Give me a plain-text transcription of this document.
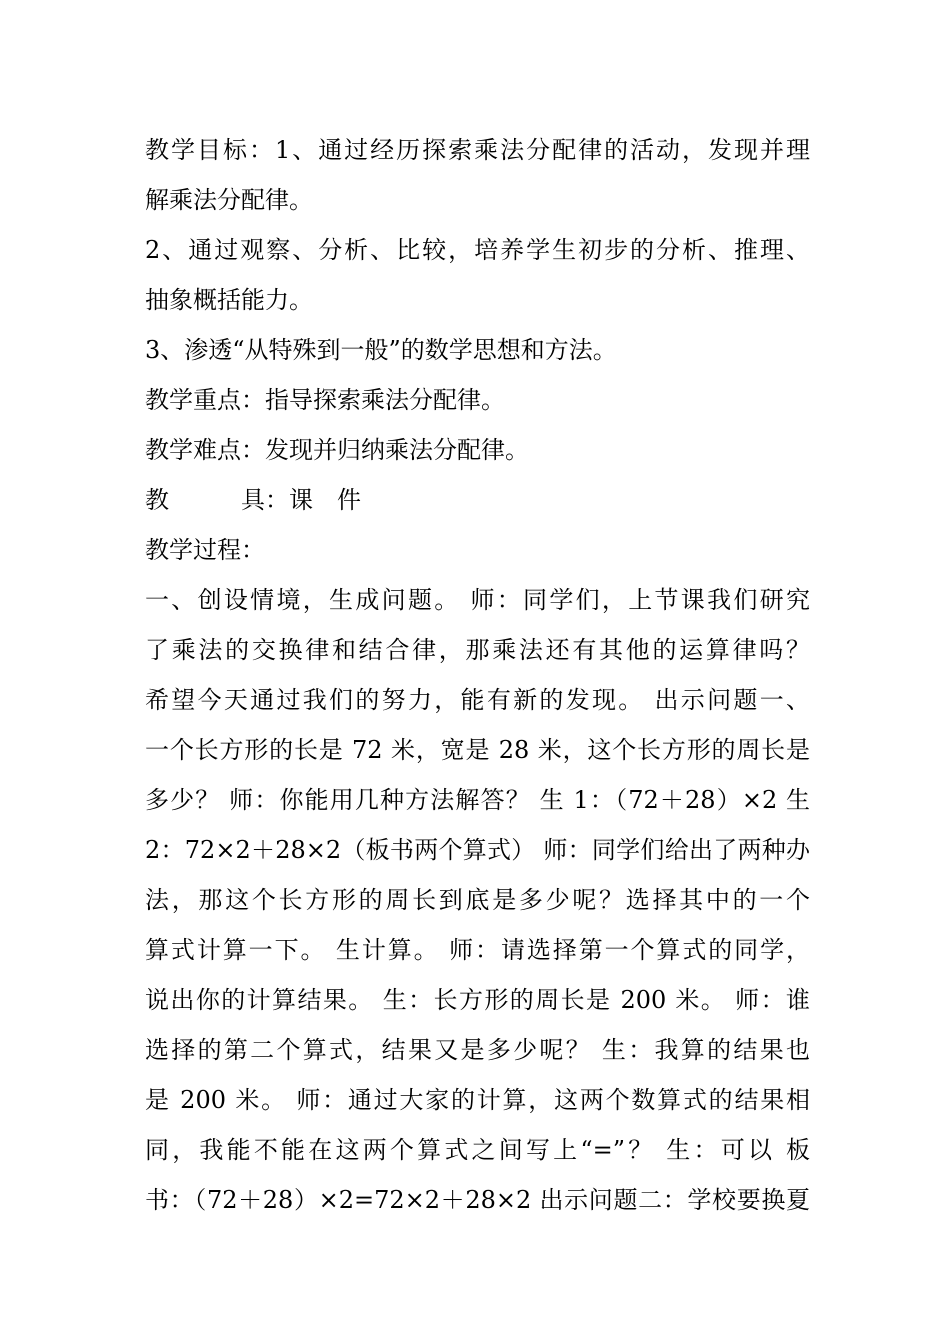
教学目标：1、通过经历探索乘法分配律的活动，发现并理
解乘法分配律。
2、通过观察、分析、比较，培养学生初步的分析、推理、
抽象概括能力。
3、渗透“从特殊到一般”的数学思想和方法。
教学重点：指导探索乘法分配律。
教学难点：发现并归纳乘法分配律。
教　　　具：课　件
教学过程：
一、创设情境，生成问题。 师：同学们，上节课我们研究
了乘法的交换律和结合律，那乘法还有其他的运算律吗？
希望今天通过我们的努力，能有新的发现。 出示问题一、
一个长方形的长是 72 米，宽是 28 米，这个长方形的周长是
多少？ 师：你能用几种方法解答？ 生 1：（72＋28）×2 生
2：72×2＋28×2（板书两个算式） 师：同学们给出了两种办
法，那这个长方形的周长到底是多少呢？选择其中的一个
算式计算一下。 生计算。 师：请选择第一个算式的同学，
说出你的计算结果。 生：长方形的周长是 200 米。 师：谁
选择的第二个算式，结果又是多少呢？ 生：我算的结果也
是 200 米。 师：通过大家的计算，这两个数算式的结果相
同，我能不能在这两个算式之间写上“=”？ 生：可以 板
书：（72＋28）×2=72×2＋28×2 出示问题二：学校要换夏
